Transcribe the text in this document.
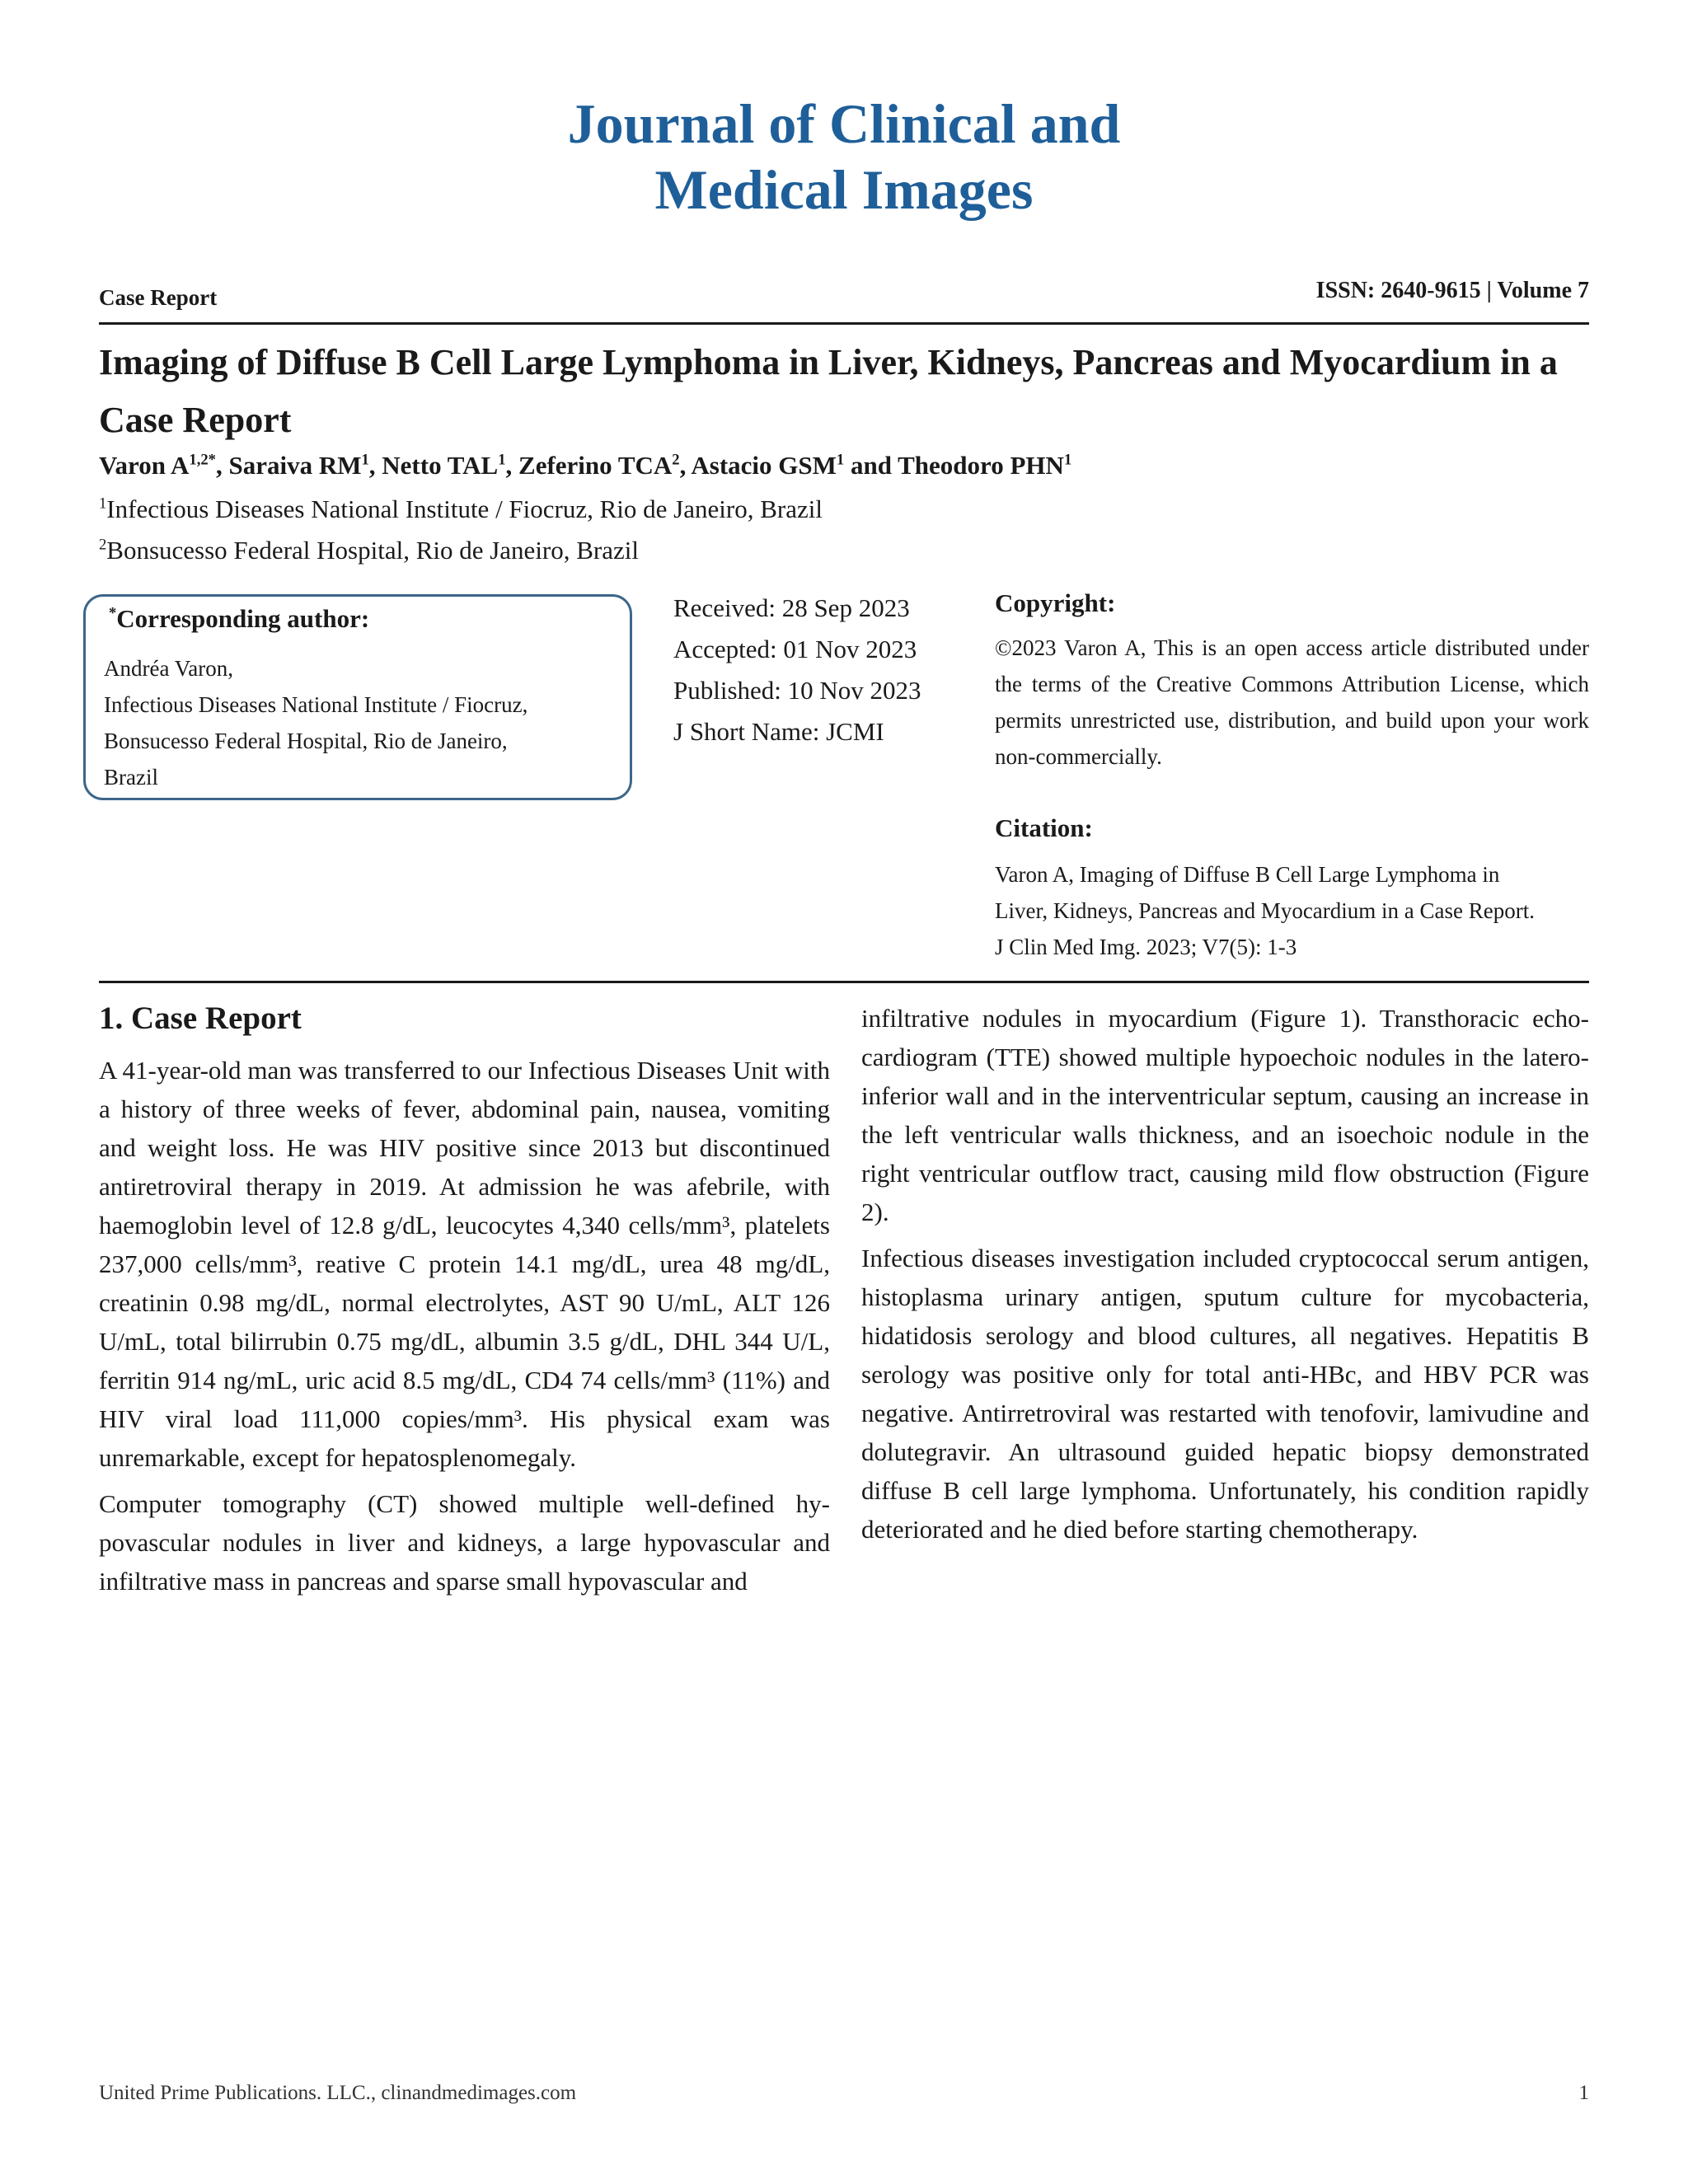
Journal of Clinical and
Medical Images
Case Report	ISSN: 2640-9615 | Volume 7
Imaging of Diffuse B Cell Large Lymphoma in Liver, Kidneys, Pancreas and Myocardium in a Case Report
Varon $A^{1,2*}$, Saraiva $RM^1$, Netto TAL$^1$, Zeferino TCA$^2$, Astacio GSM$^1$ and Theodoro PHN$^1$
$^1$Infectious Diseases National Institute / Fiocruz, Rio de Janeiro, Brazil
$^2$Bonsucesso Federal Hospital, Rio de Janeiro, Brazil
*Corresponding author:
Andréa Varon,
Infectious Diseases National Institute / Fiocruz,
Bonsucesso Federal Hospital, Rio de Janeiro,
Brazil
Received: 28 Sep 2023
Accepted: 01 Nov 2023
Published: 10 Nov 2023
J Short Name: JCMI
Copyright:
©2023 Varon A, This is an open access article distributed under the terms of the Creative Commons Attribution License, which permits unrestricted use, distribution, and build upon your work non-commercially.
Citation:
Varon A, Imaging of Diffuse B Cell Large Lymphoma in
Liver, Kidneys, Pancreas and Myocardium in a Case Report.
J Clin Med Img. 2023; V7(5): 1-3
1. Case Report

A 41-year-old man was transferred to our Infectious Diseases Unit with a history of three weeks of fever, abdominal pain, nausea, vomiting and weight loss. He was HIV positive since 2013 but discontinued antiretroviral therapy in 2019. At admission he was afebrile, with haemoglobin level of 12.8 g/dL, leucocytes 4,340 cells/​mm³, platelets 237,000 cells/mm³, reative C protein 14.1 mg/dL, urea 48 mg/dL, creatinin 0.98 mg/dL, normal electrolytes, AST 90 U/mL, ALT 126 U/mL, total bilirrubin 0.75 mg/dL, albumin 3.5 g/​dL, DHL 344 U/L, ferritin 914 ng/mL, uric acid 8.5 mg/dL, CD4 74 cells/mm³ (11%) and HIV viral load 111,000 copies/mm³. His physical exam was unremarkable, except for hepatosplenomegaly.

Computer tomography (CT) showed multiple well-defined hypovascular nodules in liver and kidneys, a large hypovascular and infiltrative mass in pancreas and sparse small hypovascular and

infiltrative nodules in myocardium (Figure 1). Transthoracic echocardiogram (TTE) showed multiple hypoechoic nodules in the latero-inferior wall and in the interventricular septum, causing an increase in the left ventricular walls thickness, and an isoechoic nodule in the right ventricular outflow tract, causing mild flow obstruction (Figure 2).

Infectious diseases investigation included cryptococcal serum antigen, histoplasma urinary antigen, sputum culture for mycobacteria, hidatidosis serology and blood cultures, all negatives. Hepatitis B serology was positive only for total anti-HBc, and HBV PCR was negative. Antirretroviral was restarted with tenofovir, lamivudine and dolutegravir. An ultrasound guided hepatic biopsy demonstrated diffuse B cell large lymphoma. Unfortunately, his condition rapidly deteriorated and he died before starting chemotherapy.

United Prime Publications. LLC., clinandmedimages.com	1
